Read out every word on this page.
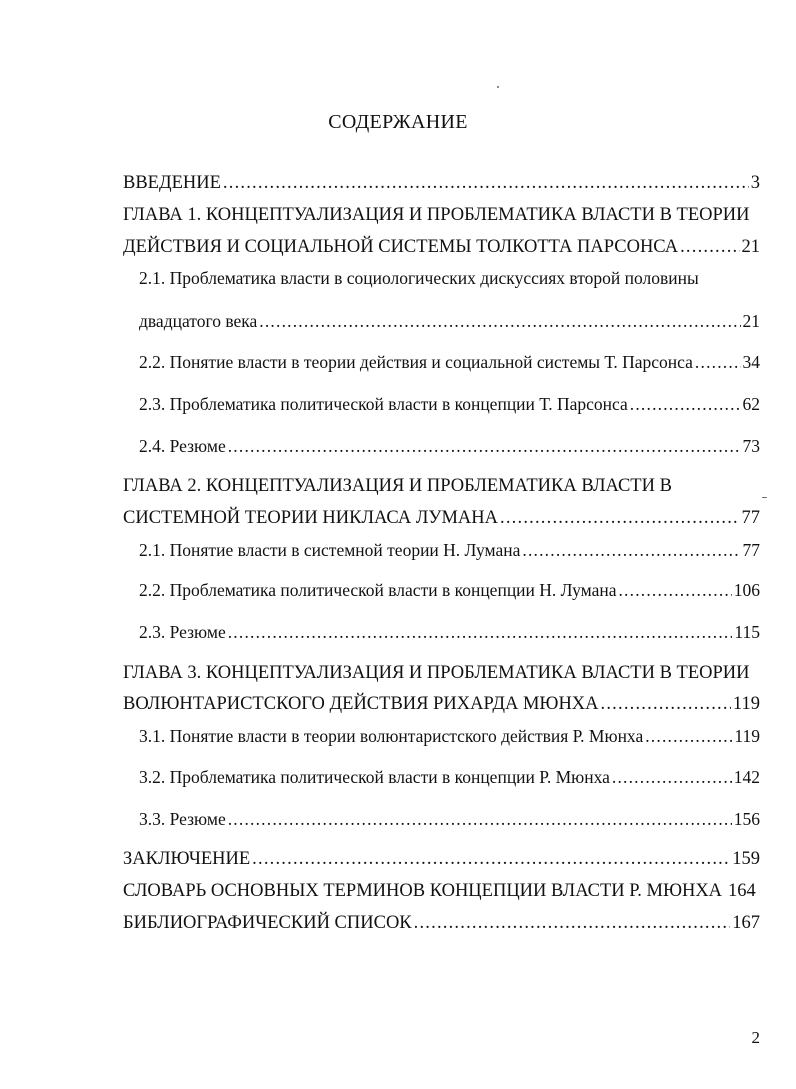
СОДЕРЖАНИЕ
ВВЕДЕНИЕ .....	3
ГЛАВА 1. КОНЦЕПТУАЛИЗАЦИЯ И ПРОБЛЕМАТИКА ВЛАСТИ В ТЕОРИИ
ДЕЙСТВИЯ И СОЦИАЛЬНОЙ СИСТЕМЫ ТОЛКОТТА ПАРСОНСА .....	21
2.1. Проблематика власти в социологических дискуссиях второй половины
двадцатого века .....	21
2.2. Понятие власти в теории действия и социальной системы Т. Парсонса .....	34
2.3. Проблематика политической власти в концепции Т. Парсонса .....	62
2.4. Резюме .....	73
ГЛАВА 2. КОНЦЕПТУАЛИЗАЦИЯ И ПРОБЛЕМАТИКА ВЛАСТИ В
СИСТЕМНОЙ ТЕОРИИ НИКЛАСА ЛУМАНА .....	77
2.1. Понятие власти в системной теории Н. Лумана .....	77
2.2. Проблематика политической власти в концепции Н. Лумана .....	106
2.3. Резюме .....	115
ГЛАВА 3. КОНЦЕПТУАЛИЗАЦИЯ И ПРОБЛЕМАТИКА ВЛАСТИ В ТЕОРИИ
ВОЛЮНТАРИСТСКОГО ДЕЙСТВИЯ РИХАРДА МЮНХА .....	119
3.1. Понятие власти в теории волюнтаристского действия Р. Мюнха .....	119
3.2. Проблематика политической власти в концепции Р. Мюнха .....	142
3.3. Резюме .....	156
ЗАКЛЮЧЕНИЕ .....	159
СЛОВАРЬ ОСНОВНЫХ ТЕРМИНОВ КОНЦЕПЦИИ ВЛАСТИ Р. МЮНХА 164
БИБЛИОГРАФИЧЕСКИЙ СПИСОК .....	167
2
